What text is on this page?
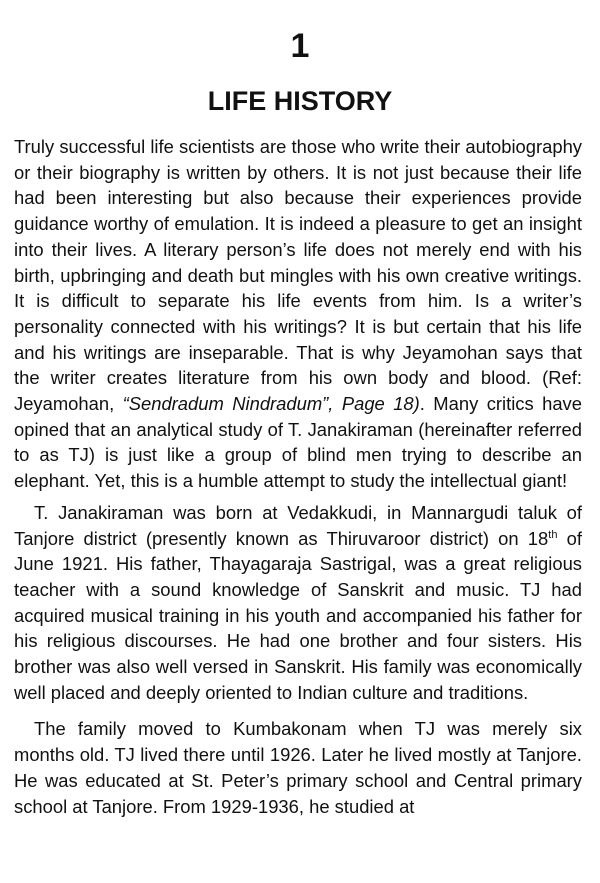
1
LIFE HISTORY

Truly successful life scientists are those who write their autobiography or their biography is written by others. It is not just because their life had been interesting but also because their experiences provide guidance worthy of emulation. It is indeed a pleasure to get an insight into their lives. A literary person’s life does not merely end with his birth, upbringing and death but mingles with his own creative writings. It is difficult to separate his life events from him. Is a writer’s personality connected with his writings? It is but certain that his life and his writings are inseparable. That is why Jeyamohan says that the writer creates literature from his own body and blood. (Ref: Jeyamohan, “Sendradum Nindradum”, Page 18). Many critics have opined that an analytical study of T. Janakiraman (hereinafter referred to as TJ) is just like a group of blind men trying to describe an elephant. Yet, this is a humble attempt to study the intellectual giant!

T. Janakiraman was born at Vedakkudi, in Mannargudi taluk of Tanjore district (presently known as Thiruvaroor district) on 18th of June 1921. His father, Thayagaraja Sastrigal, was a great religious teacher with a sound knowledge of Sanskrit and music. TJ had acquired musical training in his youth and accompanied his father for his religious discourses. He had one brother and four sisters. His brother was also well versed in Sanskrit. His family was economically well placed and deeply oriented to Indian culture and traditions.

The family moved to Kumbakonam when TJ was merely six months old. TJ lived there until 1926. Later he lived mostly at Tanjore. He was educated at St. Peter’s primary school and Central primary school at Tanjore. From 1929-1936, he studied at
